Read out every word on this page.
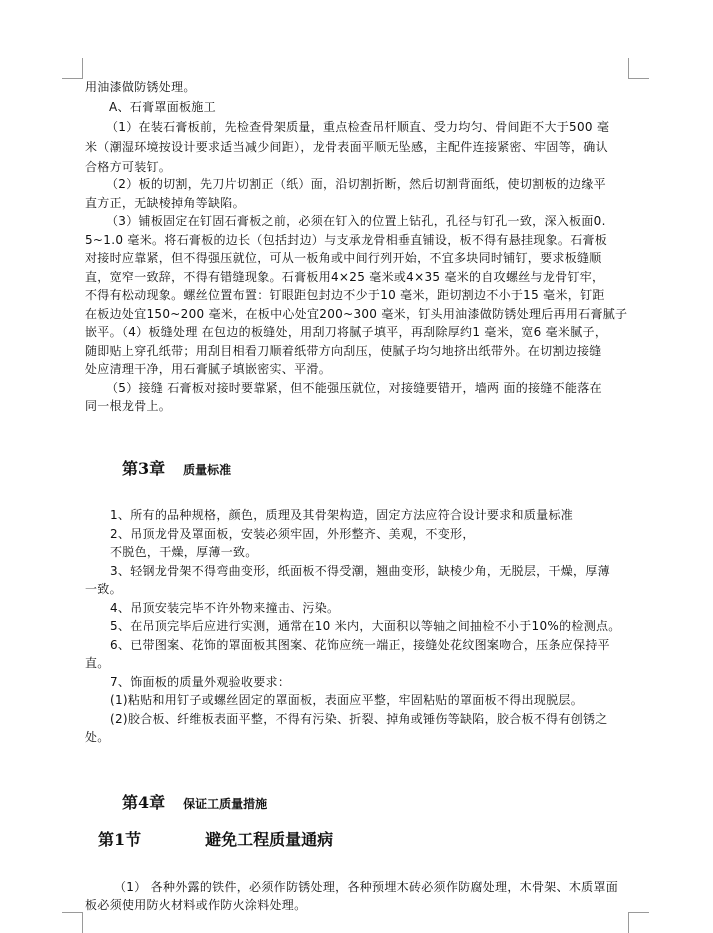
用油漆做防锈处理。
A、石膏罩面板施工
（1）在装石膏板前，先检查骨架质量，重点检查吊杆顺直、受力均匀、骨间距不大于500 毫
米（潮湿环境按设计要求适当减少间距），龙骨表面平顺无坠感，主配件连接紧密、牢固等，确认
合格方可装钉。
（2）板的切割，先刀片切割正（纸）面，沿切割折断，然后切割背面纸，使切割板的边缘平
直方正，无缺棱掉角等缺陷。
（3）铺板固定在钉固石膏板之前，必须在钉入的位置上钻孔，孔径与钉孔一致，深入板面0.
5~1.0 毫米。将石膏板的边长（包括封边）与支承龙骨相垂直铺设，板不得有悬挂现象。石膏板
对接时应靠紧，但不得强压就位，可从一板角或中间行列开始，不宜多块同时铺钉，要求板缝顺
直，宽窄一致辞，不得有错缝现象。石膏板用4×25 毫米或4×35 毫米的自攻螺丝与龙骨钉牢，
不得有松动现象。螺丝位置布置：钉眼距包封边不少于10 毫米，距切割边不小于15 毫米，钉距
在板边处宜150~200 毫米，在板中心处宜200~300 毫米，钉头用油漆做防锈处理后再用石膏腻子
嵌平。（4）板缝处理 在包边的板缝处，用刮刀将腻子填平，再刮除厚约1 毫米，宽6 毫米腻子，
随即贴上穿孔纸带；用刮目相看刀顺着纸带方向刮压，使腻子均匀地挤出纸带外。在切割边接缝
处应清理干净，用石膏腻子填嵌密实、平滑。
（5）接缝 石膏板对接时要靠紧，但不能强压就位，对接缝要错开，墙两 面的接缝不能落在
同一根龙骨上。
第3章 质量标准
1、所有的品种规格，颜色，质理及其骨架构造，固定方法应符合设计要求和质量标准
2、吊顶龙骨及罩面板，安装必须牢固，外形整齐、美观，不变形，
不脱色，干燥，厚薄一致。
3、轻钢龙骨架不得弯曲变形，纸面板不得受潮，翘曲变形，缺棱少角，无脱层，干燥，厚薄
一致。
4、吊顶安装完毕不许外物来撞击、污染。
5、在吊顶完毕后应进行实测，通常在10 米内，大面积以等轴之间抽检不小于10%的检测点。
6、已带图案、花饰的罩面板其图案、花饰应统一端正，接缝处花纹图案吻合，压条应保持平
直。
7、饰面板的质量外观验收要求：
(1)粘贴和用钉子或螺丝固定的罩面板，表面应平整，牢固粘贴的罩面板不得出现脱层。
(2)胶合板、纤维板表面平整，不得有污染、折裂、掉角或锤伤等缺陷，胶合板不得有创锈之
处。
第4章 保证工质量措施
第1节	避免工程质量通病
（1） 各种外露的铁件，必须作防锈处理，各种预埋木砖必须作防腐处理，木骨架、木质罩面
板必须使用防火材料或作防火涂料处理。
